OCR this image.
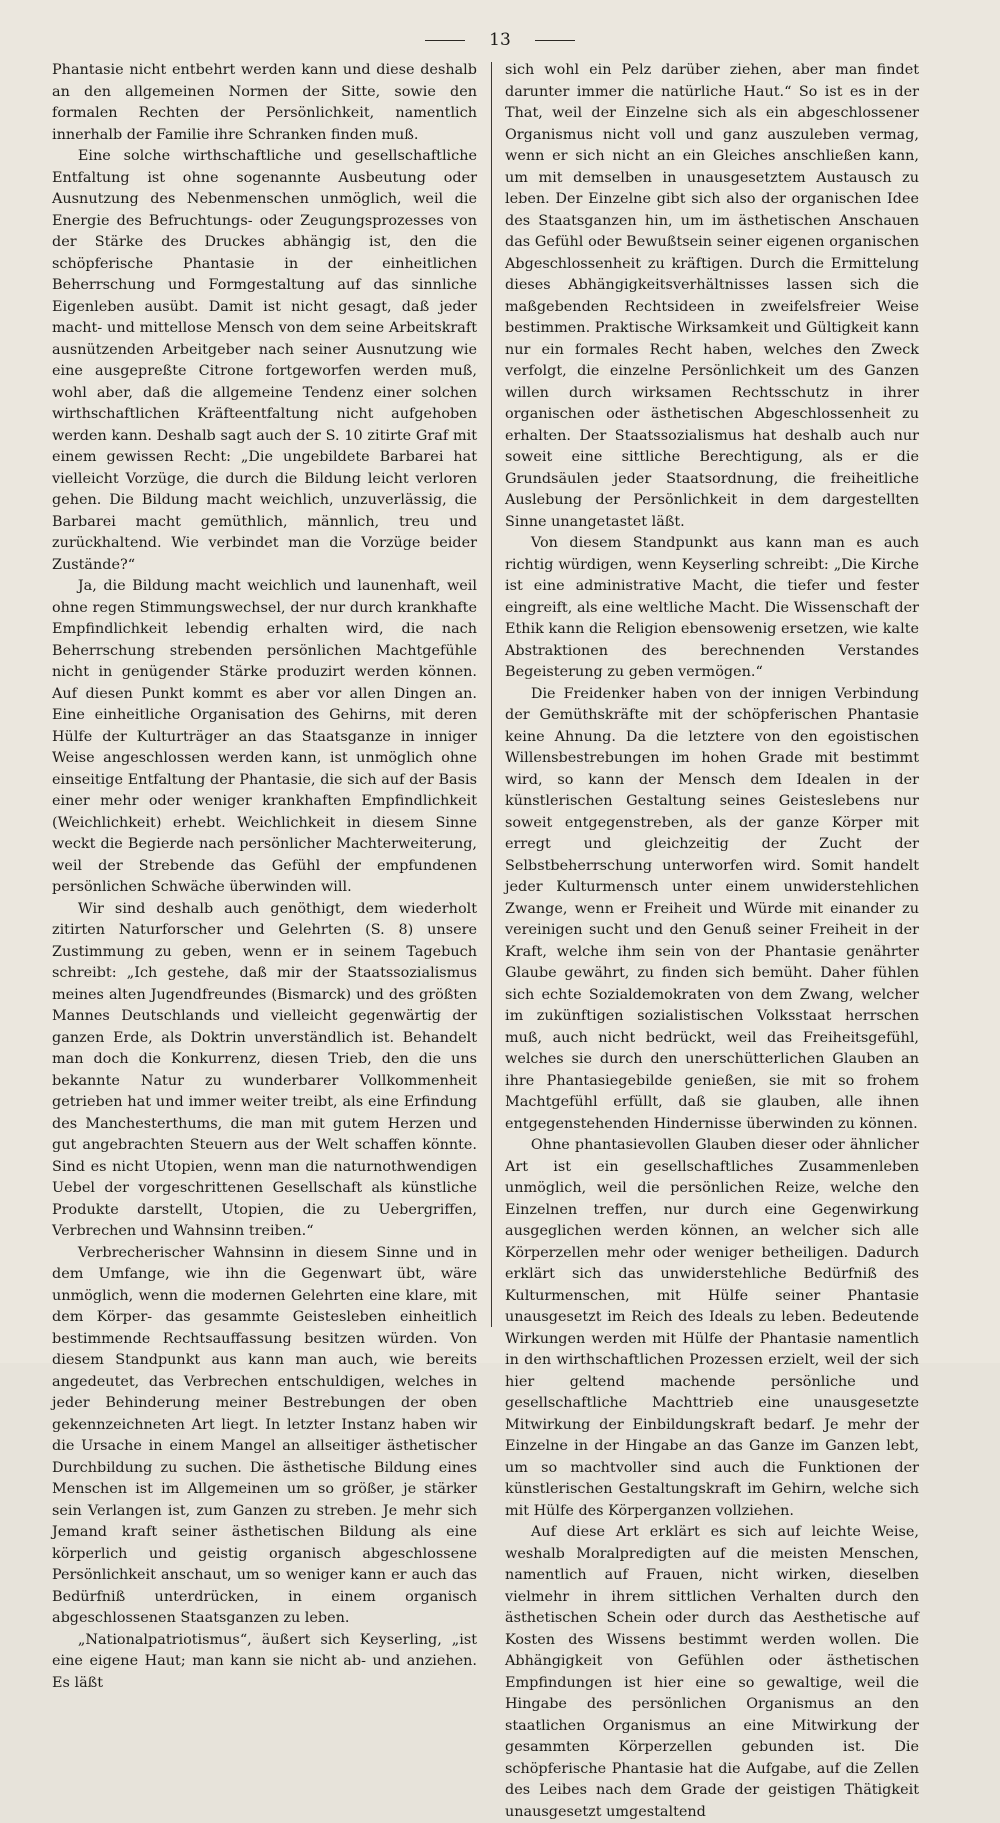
13

Phantasie nicht entbehrt werden kann und diese deshalb an den allgemeinen Normen der Sitte, sowie den formalen Rechten der Persönlichkeit, namentlich innerhalb der Familie ihre Schranken finden muß.

Eine solche wirthschaftliche und gesellschaftliche Entfaltung ist ohne sogenannte Ausbeutung oder Ausnutzung des Nebenmenschen unmöglich, weil die Energie des Befruchtungs- oder Zeugungsprozesses von der Stärke des Druckes abhängig ist, den die schöpferische Phantasie in der einheitlichen Beherrschung und Formgestaltung auf das sinnliche Eigenleben ausübt. Damit ist nicht gesagt, daß jeder macht- und mittellose Mensch von dem seine Arbeitskraft ausnützenden Arbeitgeber nach seiner Ausnutzung wie eine ausgepreßte Citrone fortgeworfen werden muß, wohl aber, daß die allgemeine Tendenz einer solchen wirthschaftlichen Kräfteentfaltung nicht aufgehoben werden kann. Deshalb sagt auch der S. 10 zitirte Graf mit einem gewissen Recht: „Die ungebildete Barbarei hat vielleicht Vorzüge, die durch die Bildung leicht verloren gehen. Die Bildung macht weichlich, unzuverlässig, die Barbarei macht gemüthlich, männlich, treu und zurückhaltend. Wie verbindet man die Vorzüge beider Zustände?“

Ja, die Bildung macht weichlich und launenhaft, weil ohne regen Stimmungswechsel, der nur durch krankhafte Empfindlichkeit lebendig erhalten wird, die nach Beherrschung strebenden persönlichen Machtgefühle nicht in genügender Stärke produzirt werden können. Auf diesen Punkt kommt es aber vor allen Dingen an. Eine einheitliche Organisation des Gehirns, mit deren Hülfe der Kulturträger an das Staatsganze in inniger Weise angeschlossen werden kann, ist unmöglich ohne einseitige Entfaltung der Phantasie, die sich auf der Basis einer mehr oder weniger krankhaften Empfindlichkeit (Weichlichkeit) erhebt. Weichlichkeit in diesem Sinne weckt die Begierde nach persönlicher Machterweiterung, weil der Strebende das Gefühl der empfundenen persönlichen Schwäche überwinden will.

Wir sind deshalb auch genöthigt, dem wiederholt zitirten Naturforscher und Gelehrten (S. 8) unsere Zustimmung zu geben, wenn er in seinem Tagebuch schreibt: „Ich gestehe, daß mir der Staatssozialismus meines alten Jugendfreundes (Bismarck) und des größten Mannes Deutschlands und vielleicht gegenwärtig der ganzen Erde, als Doktrin unverständlich ist. Behandelt man doch die Konkurrenz, diesen Trieb, den die uns bekannte Natur zu wunderbarer Vollkommenheit getrieben hat und immer weiter treibt, als eine Erfindung des Manchesterthums, die man mit gutem Herzen und gut angebrachten Steuern aus der Welt schaffen könnte. Sind es nicht Utopien, wenn man die naturnothwendigen Uebel der vorgeschrittenen Gesellschaft als künstliche Produkte darstellt, Utopien, die zu Uebergriffen, Verbrechen und Wahnsinn treiben.“

Verbrecherischer Wahnsinn in diesem Sinne und in dem Umfange, wie ihn die Gegenwart übt, wäre unmöglich, wenn die modernen Gelehrten eine klare, mit dem Körper- das gesammte Geistesleben einheitlich bestimmende Rechtsauffassung besitzen würden. Von diesem Standpunkt aus kann man auch, wie bereits angedeutet, das Verbrechen entschuldigen, welches in jeder Behinderung meiner Bestrebungen der oben gekennzeichneten Art liegt. In letzter Instanz haben wir die Ursache in einem Mangel an allseitiger ästhetischer Durchbildung zu suchen. Die ästhetische Bildung eines Menschen ist im Allgemeinen um so größer, je stärker sein Verlangen ist, zum Ganzen zu streben. Je mehr sich Jemand kraft seiner ästhetischen Bildung als eine körperlich und geistig organisch abgeschlossene Persönlichkeit anschaut, um so weniger kann er auch das Bedürfniß unterdrücken, in einem organisch abgeschlossenen Staatsganzen zu leben.

„Nationalpatriotismus“, äußert sich Keyserling, „ist eine eigene Haut; man kann sie nicht ab- und anziehen. Es läßt

sich wohl ein Pelz darüber ziehen, aber man findet darunter immer die natürliche Haut.“ So ist es in der That, weil der Einzelne sich als ein abgeschlossener Organismus nicht voll und ganz auszuleben vermag, wenn er sich nicht an ein Gleiches anschließen kann, um mit demselben in unausgesetztem Austausch zu leben. Der Einzelne gibt sich also der organischen Idee des Staatsganzen hin, um im ästhetischen Anschauen das Gefühl oder Bewußtsein seiner eigenen organischen Abgeschlossenheit zu kräftigen. Durch die Ermittelung dieses Abhängigkeitsverhältnisses lassen sich die maßgebenden Rechtsideen in zweifelsfreier Weise bestimmen. Praktische Wirksamkeit und Gültigkeit kann nur ein formales Recht haben, welches den Zweck verfolgt, die einzelne Persönlichkeit um des Ganzen willen durch wirksamen Rechtsschutz in ihrer organischen oder ästhetischen Abgeschlossenheit zu erhalten. Der Staatssozialismus hat deshalb auch nur soweit eine sittliche Berechtigung, als er die Grundsäulen jeder Staatsordnung, die freiheitliche Auslebung der Persönlichkeit in dem dargestellten Sinne unangetastet läßt.

Von diesem Standpunkt aus kann man es auch richtig würdigen, wenn Keyserling schreibt: „Die Kirche ist eine administrative Macht, die tiefer und fester eingreift, als eine weltliche Macht. Die Wissenschaft der Ethik kann die Religion ebensowenig ersetzen, wie kalte Abstraktionen des berechnenden Verstandes Begeisterung zu geben vermögen.“

Die Freidenker haben von der innigen Verbindung der Gemüthskräfte mit der schöpferischen Phantasie keine Ahnung. Da die letztere von den egoistischen Willensbestrebungen im hohen Grade mit bestimmt wird, so kann der Mensch dem Idealen in der künstlerischen Gestaltung seines Geisteslebens nur soweit entgegenstreben, als der ganze Körper mit erregt und gleichzeitig der Zucht der Selbstbeherrschung unterworfen wird. Somit handelt jeder Kulturmensch unter einem unwiderstehlichen Zwange, wenn er Freiheit und Würde mit einander zu vereinigen sucht und den Genuß seiner Freiheit in der Kraft, welche ihm sein von der Phantasie genährter Glaube gewährt, zu finden sich bemüht. Daher fühlen sich echte Sozialdemokraten von dem Zwang, welcher im zukünftigen sozialistischen Volksstaat herrschen muß, auch nicht bedrückt, weil das Freiheitsgefühl, welches sie durch den unerschütterlichen Glauben an ihre Phantasiegebilde genießen, sie mit so frohem Machtgefühl erfüllt, daß sie glauben, alle ihnen entgegenstehenden Hindernisse überwinden zu können.

Ohne phantasievollen Glauben dieser oder ähnlicher Art ist ein gesellschaftliches Zusammenleben unmöglich, weil die persönlichen Reize, welche den Einzelnen treffen, nur durch eine Gegenwirkung ausgeglichen werden können, an welcher sich alle Körperzellen mehr oder weniger betheiligen. Dadurch erklärt sich das unwiderstehliche Bedürfniß des Kulturmenschen, mit Hülfe seiner Phantasie unausgesetzt im Reich des Ideals zu leben. Bedeutende Wirkungen werden mit Hülfe der Phantasie namentlich in den wirthschaftlichen Prozessen erzielt, weil der sich hier geltend machende persönliche und gesellschaftliche Machttrieb eine unausgesetzte Mitwirkung der Einbildungskraft bedarf. Je mehr der Einzelne in der Hingabe an das Ganze im Ganzen lebt, um so machtvoller sind auch die Funktionen der künstlerischen Gestaltungskraft im Gehirn, welche sich mit Hülfe des Körperganzen vollziehen.

Auf diese Art erklärt es sich auf leichte Weise, weshalb Moralpredigten auf die meisten Menschen, namentlich auf Frauen, nicht wirken, dieselben vielmehr in ihrem sittlichen Verhalten durch den ästhetischen Schein oder durch das Aesthetische auf Kosten des Wissens bestimmt werden wollen. Die Abhängigkeit von Gefühlen oder ästhetischen Empfindungen ist hier eine so gewaltige, weil die Hingabe des persönlichen Organismus an den staatlichen Organismus an eine Mitwirkung der gesammten Körperzellen gebunden ist. Die schöpferische Phantasie hat die Aufgabe, auf die Zellen des Leibes nach dem Grade der geistigen Thätigkeit unausgesetzt umgestaltend
